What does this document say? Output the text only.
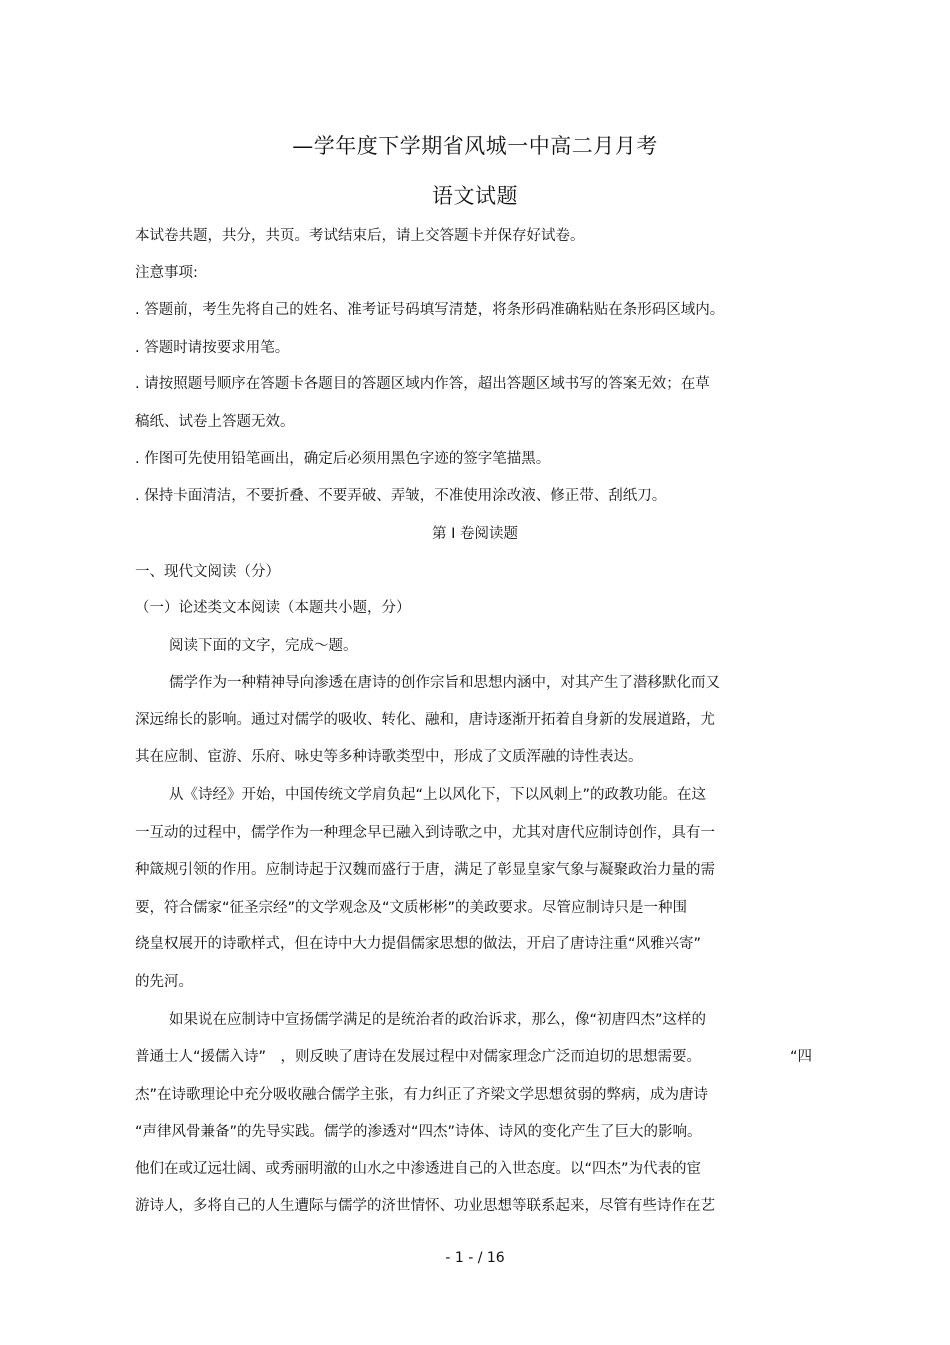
—学年度下学期省风城一中高二月月考
语文试题
本试卷共题，共分，共页。考试结束后，请上交答题卡并保存好试卷。
注意事项:
. 答题前，考生先将自己的姓名、准考证号码填写清楚，将条形码准确粘贴在条形码区域内。
. 答题时请按要求用笔。
. 请按照题号顺序在答题卡各题目的答题区域内作答，超出答题区域书写的答案无效；在草
稿纸、试卷上答题无效。
. 作图可先使用铅笔画出，确定后必须用黑色字迹的签字笔描黑。
. 保持卡面清洁，不要折叠、不要弄破、弄皱，不准使用涂改液、修正带、刮纸刀。
第 I 卷阅读题
一、现代文阅读（分）
（一）论述类文本阅读（本题共小题，分）
阅读下面的文字，完成～题。
儒学作为一种精神导向渗透在唐诗的创作宗旨和思想内涵中，对其产生了潜移默化而又
深远绵长的影响。通过对儒学的吸收、转化、融和，唐诗逐渐开拓着自身新的发展道路，尤
其在应制、宦游、乐府、咏史等多种诗歌类型中，形成了文质浑融的诗性表达。
从《诗经》开始，中国传统文学肩负起“上以风化下，下以风刺上”的政教功能。在这
一互动的过程中，儒学作为一种理念早已融入到诗歌之中，尤其对唐代应制诗创作，具有一
种箴规引领的作用。应制诗起于汉魏而盛行于唐，满足了彰显皇家气象与凝聚政治力量的需
要，符合儒家“征圣宗经”的文学观念及“文质彬彬”的美政要求。尽管应制诗只是一种围
绕皇权展开的诗歌样式，但在诗中大力提倡儒家思想的做法，开启了唐诗注重“风雅兴寄”
的先河。
如果说在应制诗中宣扬儒学满足的是统治者的政治诉求，那么，像“初唐四杰”这样的
普通士人“援儒入诗”　，则反映了唐诗在发展过程中对儒家理念广泛而迫切的思想需要。	“四
杰”在诗歌理论中充分吸收融合儒学主张，有力纠正了齐梁文学思想贫弱的弊病，成为唐诗
“声律风骨兼备”的先导实践。儒学的渗透对“四杰”诗体、诗风的变化产生了巨大的影响。
他们在或辽远壮阔、或秀丽明澈的山水之中渗透进自己的入世态度。以“四杰”为代表的宦
游诗人，多将自己的人生遭际与儒学的济世情怀、功业思想等联系起来，尽管有些诗作在艺
- 1 - / 16
